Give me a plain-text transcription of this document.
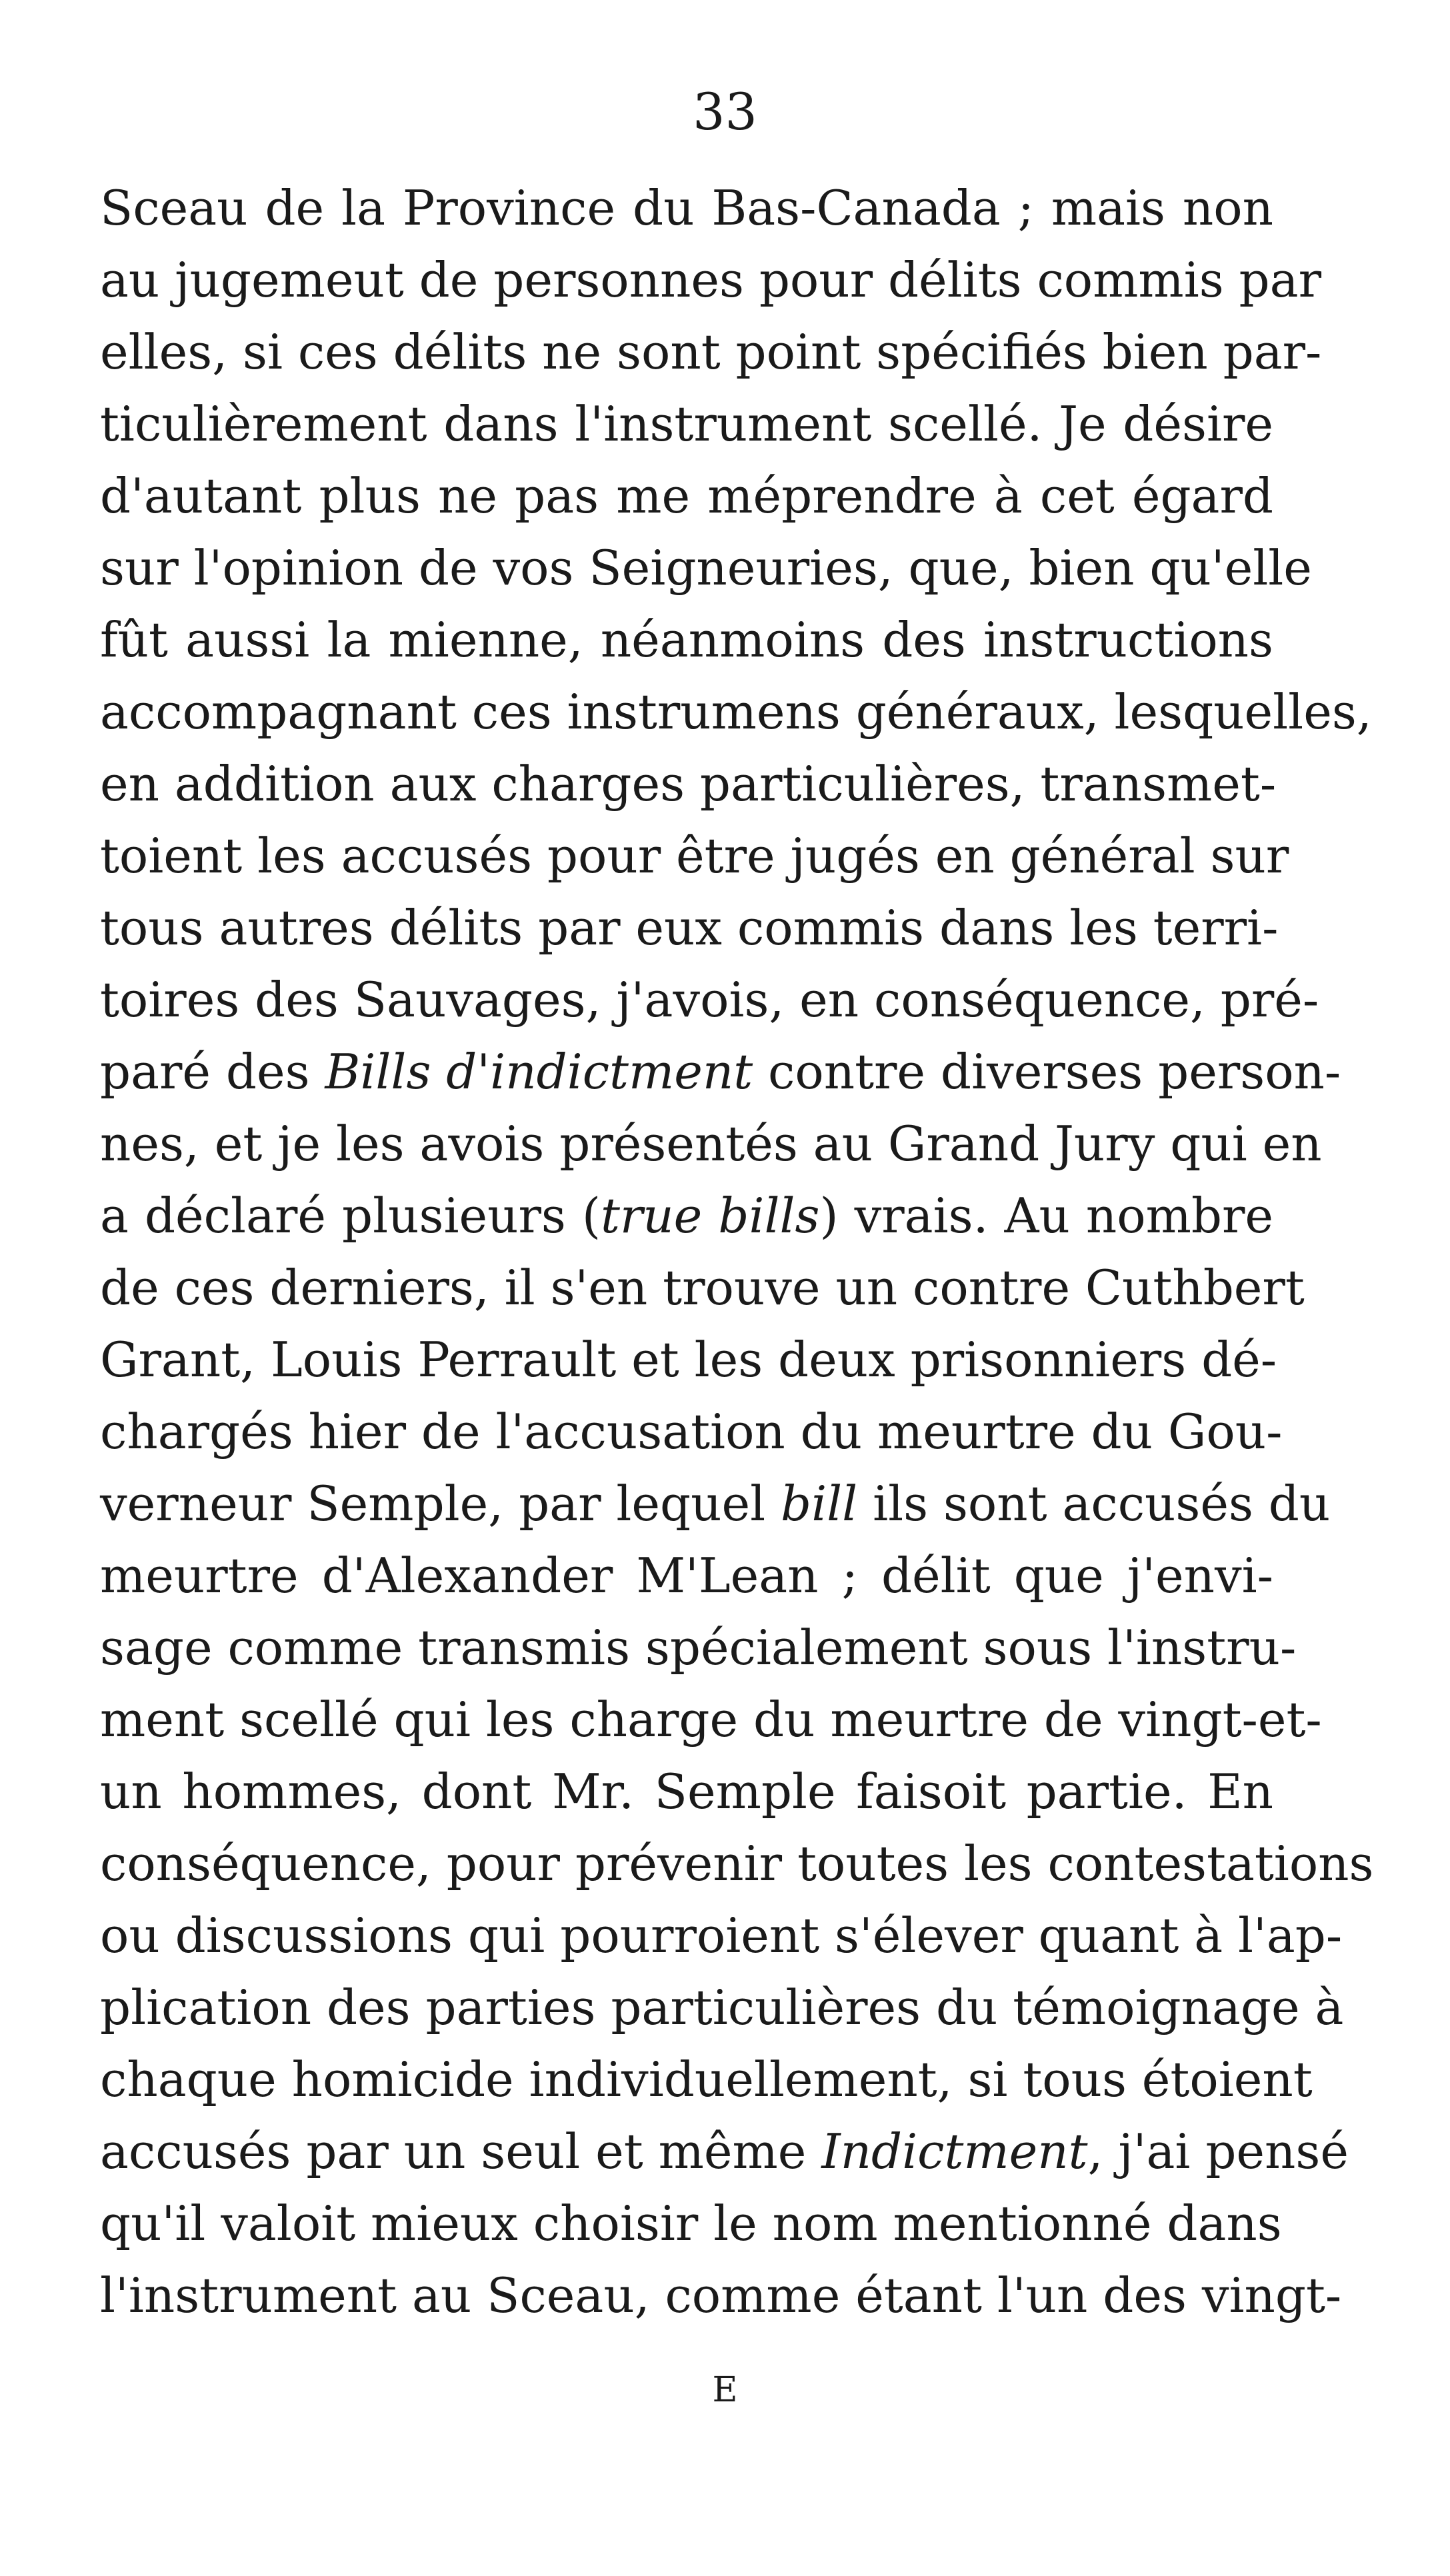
33
Sceau de la Province du Bas-Canada ; mais non
au jugemeut de personnes pour délits commis par
elles, si ces délits ne sont point spécifiés bien par-
ticulièrement dans l'instrument scellé. Je désire
d'autant plus ne pas me méprendre à cet égard
sur l'opinion de vos Seigneuries, que, bien qu'elle
fût aussi la mienne, néanmoins des instructions
accompagnant ces instrumens généraux, lesquelles,
en addition aux charges particulières, transmet-
toient les accusés pour être jugés en général sur
tous autres délits par eux commis dans les terri-
toires des Sauvages, j'avois, en conséquence, pré-
paré des Bills d'indictment contre diverses person-
nes, et je les avois présentés au Grand Jury qui en
a déclaré plusieurs (true bills) vrais. Au nombre
de ces derniers, il s'en trouve un contre Cuthbert
Grant, Louis Perrault et les deux prisonniers dé-
chargés hier de l'accusation du meurtre du Gou-
verneur Semple, par lequel bill ils sont accusés du
meurtre d'Alexander M'Lean ; délit que j'envi-
sage comme transmis spécialement sous l'instru-
ment scellé qui les charge du meurtre de vingt-et-
un hommes, dont Mr. Semple faisoit partie. En
conséquence, pour prévenir toutes les contestations
ou discussions qui pourroient s'élever quant à l'ap-
plication des parties particulières du témoignage à
chaque homicide individuellement, si tous étoient
accusés par un seul et même Indictment, j'ai pensé
qu'il valoit mieux choisir le nom mentionné dans
l'instrument au Sceau, comme étant l'un des vingt-
E
